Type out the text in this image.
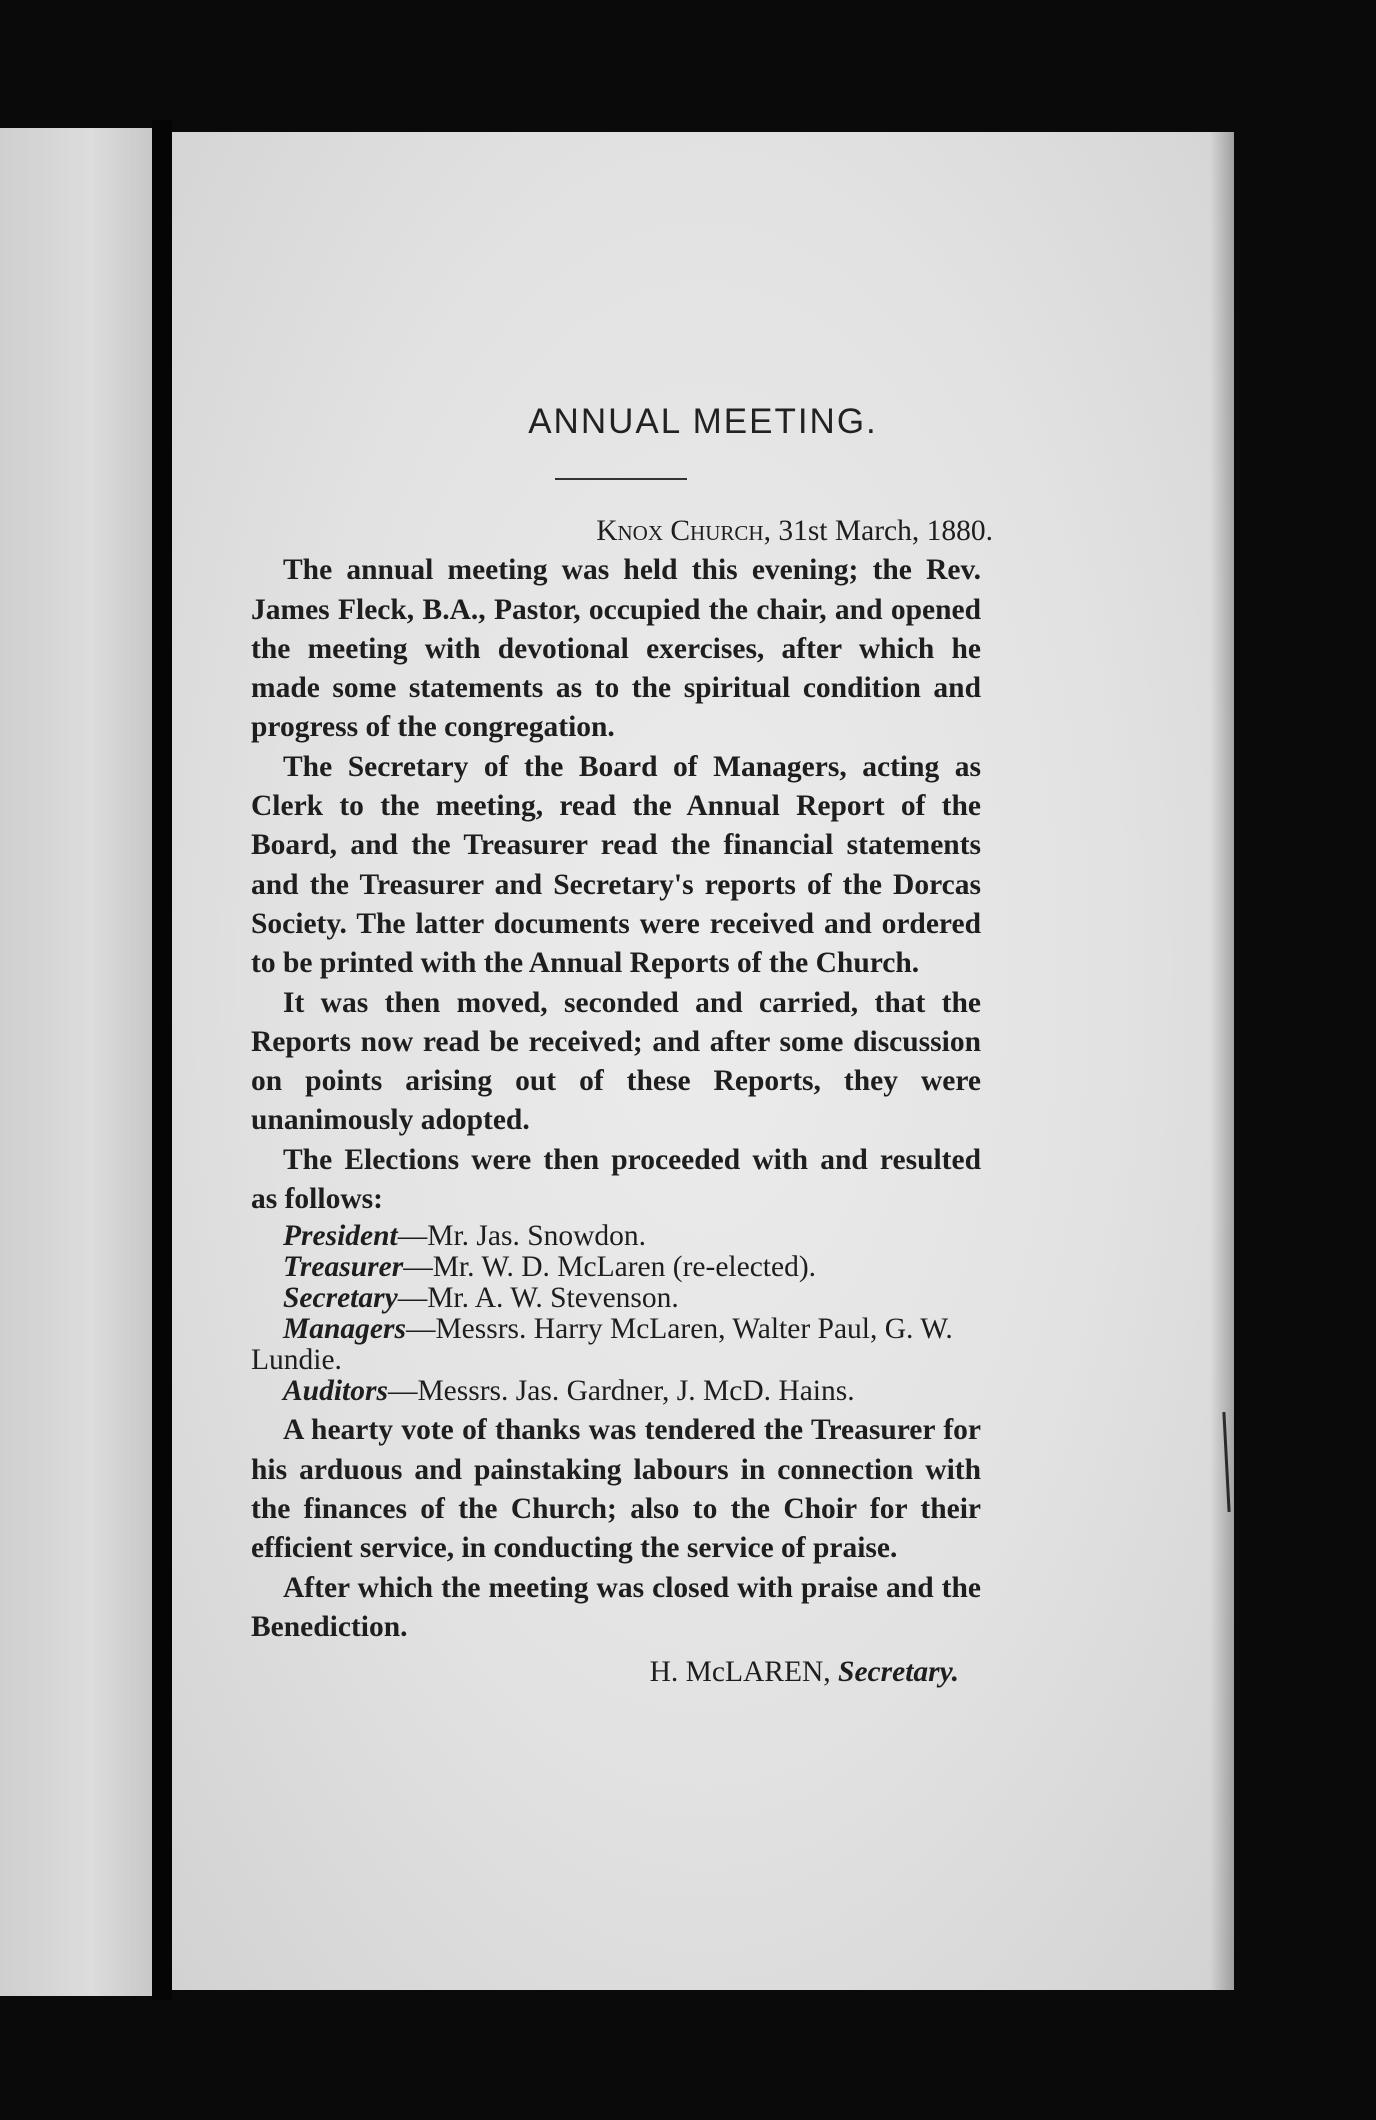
ANNUAL MEETING.
Knox Church, 31st March, 1880.

The annual meeting was held this evening; the Rev. James Fleck, B.A., Pastor, occupied the chair, and opened the meeting with devotional exercises, after which he made some statements as to the spiritual condition and progress of the congregation.

The Secretary of the Board of Managers, acting as Clerk to the meeting, read the Annual Report of the Board, and the Treasurer read the financial statements and the Treasurer and Secretary's reports of the Dorcas Society. The latter documents were received and ordered to be printed with the Annual Reports of the Church.

It was then moved, seconded and carried, that the Reports now read be received; and after some discussion on points arising out of these Reports, they were unanimously adopted.

The Elections were then proceeded with and resulted as follows:

President—Mr. Jas. Snowdon.

Treasurer—Mr. W. D. McLaren (re-elected).

Secretary—Mr. A. W. Stevenson.

Managers—Messrs. Harry McLaren, Walter Paul, G. W. Lundie.

Auditors—Messrs. Jas. Gardner, J. McD. Hains.

A hearty vote of thanks was tendered the Treasurer for his arduous and painstaking labours in connection with the finances of the Church; also to the Choir for their efficient service, in conducting the service of praise.

After which the meeting was closed with praise and the Benediction.

H. McLAREN, Secretary.
